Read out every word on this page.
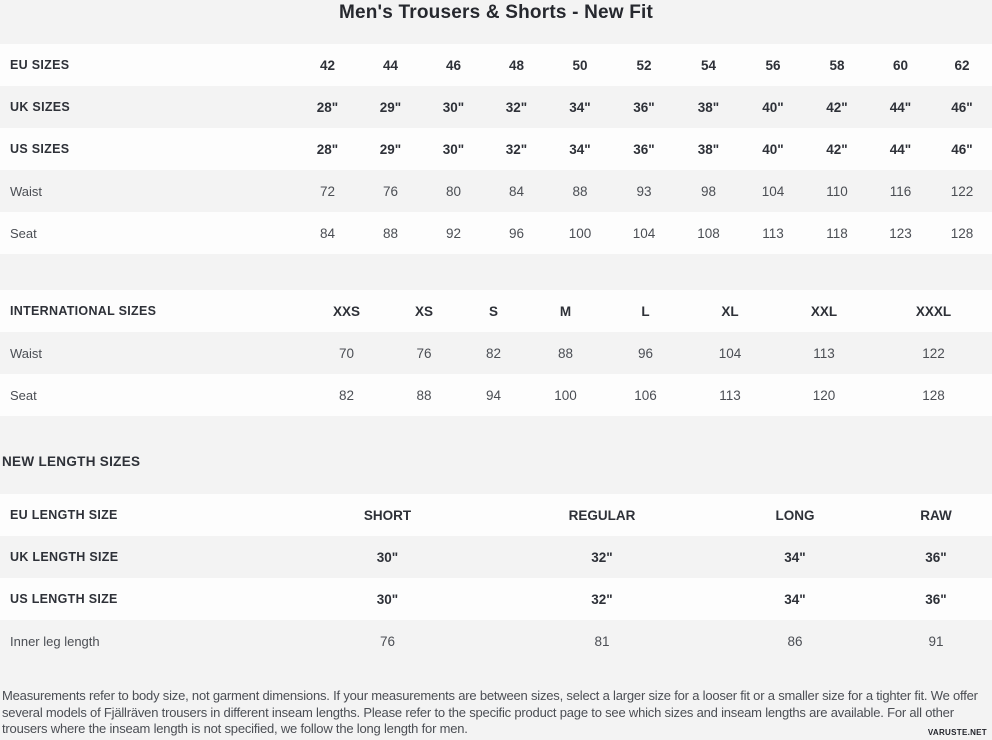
Men's Trousers & Shorts - New Fit
EU SIZES	42	44	46	48	50	52	54	56	58	60	62
UK SIZES	28"	29"	30"	32"	34"	36"	38"	40"	42"	44"	46"
US SIZES	28"	29"	30"	32"	34"	36"	38"	40"	42"	44"	46"
Waist	72	76	80	84	88	93	98	104	110	116	122
Seat	84	88	92	96	100	104	108	113	118	123	128
INTERNATIONAL SIZES	XXS	XS	S	M	L	XL	XXL	XXXL
Waist	70	76	82	88	96	104	113	122
Seat	82	88	94	100	106	113	120	128
NEW LENGTH SIZES
EU LENGTH SIZE	SHORT	REGULAR	LONG	RAW
UK LENGTH SIZE	30"	32"	34"	36"
US LENGTH SIZE	30"	32"	34"	36"
Inner leg length	76	81	86	91

Measurements refer to body size, not garment dimensions. If your measurements are between sizes, select a larger size for a looser fit or a smaller size for a tighter fit. We offer several models of Fjällräven trousers in different inseam lengths. Please refer to the specific product page to see which sizes and inseam lengths are available. For all other trousers where the inseam length is not specified, we follow the long length for men.	VARUSTE.NET
